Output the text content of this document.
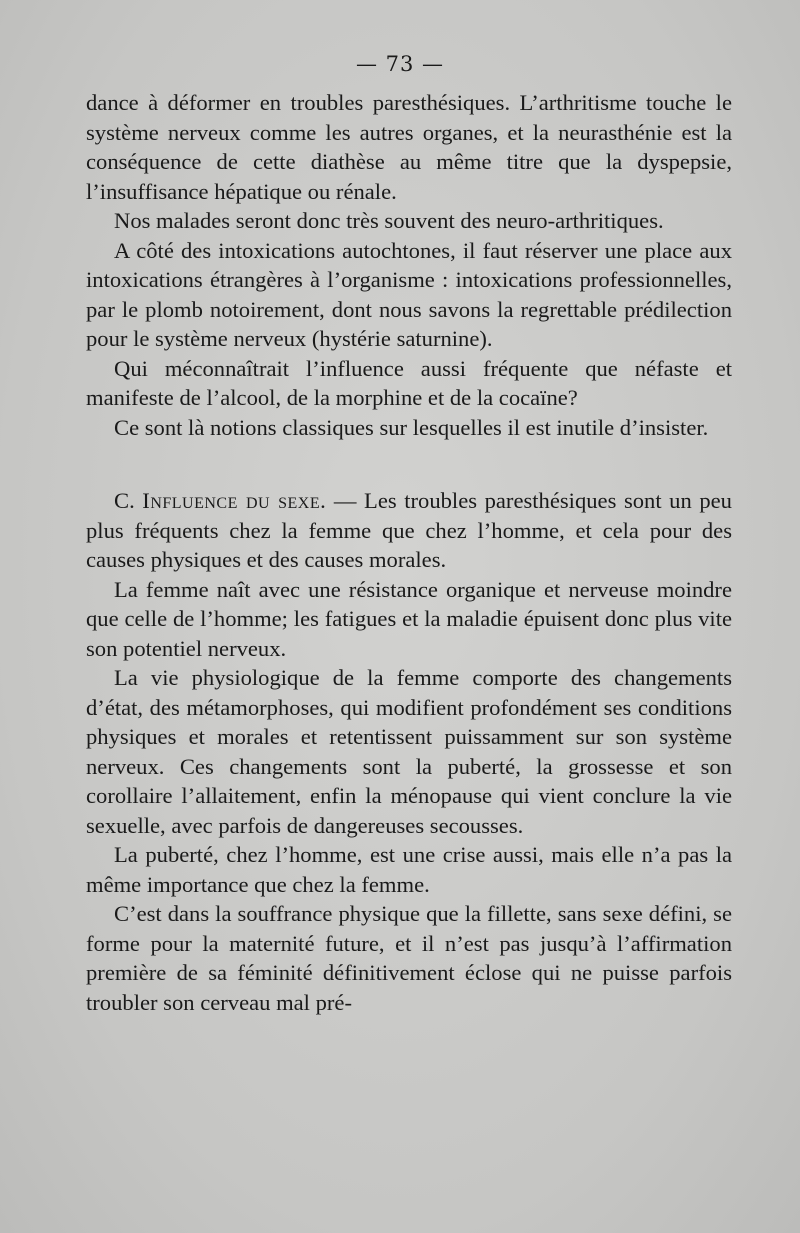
— 73 —

dance à déformer en troubles paresthésiques. L’arthritisme touche le système nerveux comme les autres organes, et la neurasthénie est la conséquence de cette diathèse au même titre que la dyspepsie, l’insuffisance hépatique ou rénale.

Nos malades seront donc très souvent des neuro-arthritiques.

A côté des intoxications autochtones, il faut réserver une place aux intoxications étrangères à l’organisme : intoxications professionnelles, par le plomb notoirement, dont nous savons la regrettable prédilection pour le système nerveux (hystérie saturnine).

Qui méconnaîtrait l’influence aussi fréquente que néfaste et manifeste de l’alcool, de la morphine et de la cocaïne?

Ce sont là notions classiques sur lesquelles il est inutile d’insister.

C. Influence du sexe. — Les troubles paresthésiques sont un peu plus fréquents chez la femme que chez l’homme, et cela pour des causes physiques et des causes morales.

La femme naît avec une résistance organique et nerveuse moindre que celle de l’homme; les fatigues et la maladie épuisent donc plus vite son potentiel nerveux.

La vie physiologique de la femme comporte des changements d’état, des métamorphoses, qui modifient profondément ses conditions physiques et morales et retentissent puissamment sur son système nerveux. Ces changements sont la puberté, la grossesse et son corollaire l’allaitement, enfin la ménopause qui vient conclure la vie sexuelle, avec parfois de dangereuses secousses.

La puberté, chez l’homme, est une crise aussi, mais elle n’a pas la même importance que chez la femme.

C’est dans la souffrance physique que la fillette, sans sexe défini, se forme pour la maternité future, et il n’est pas jusqu’à l’affirmation première de sa féminité définitivement éclose qui ne puisse parfois troubler son cerveau mal pré-
